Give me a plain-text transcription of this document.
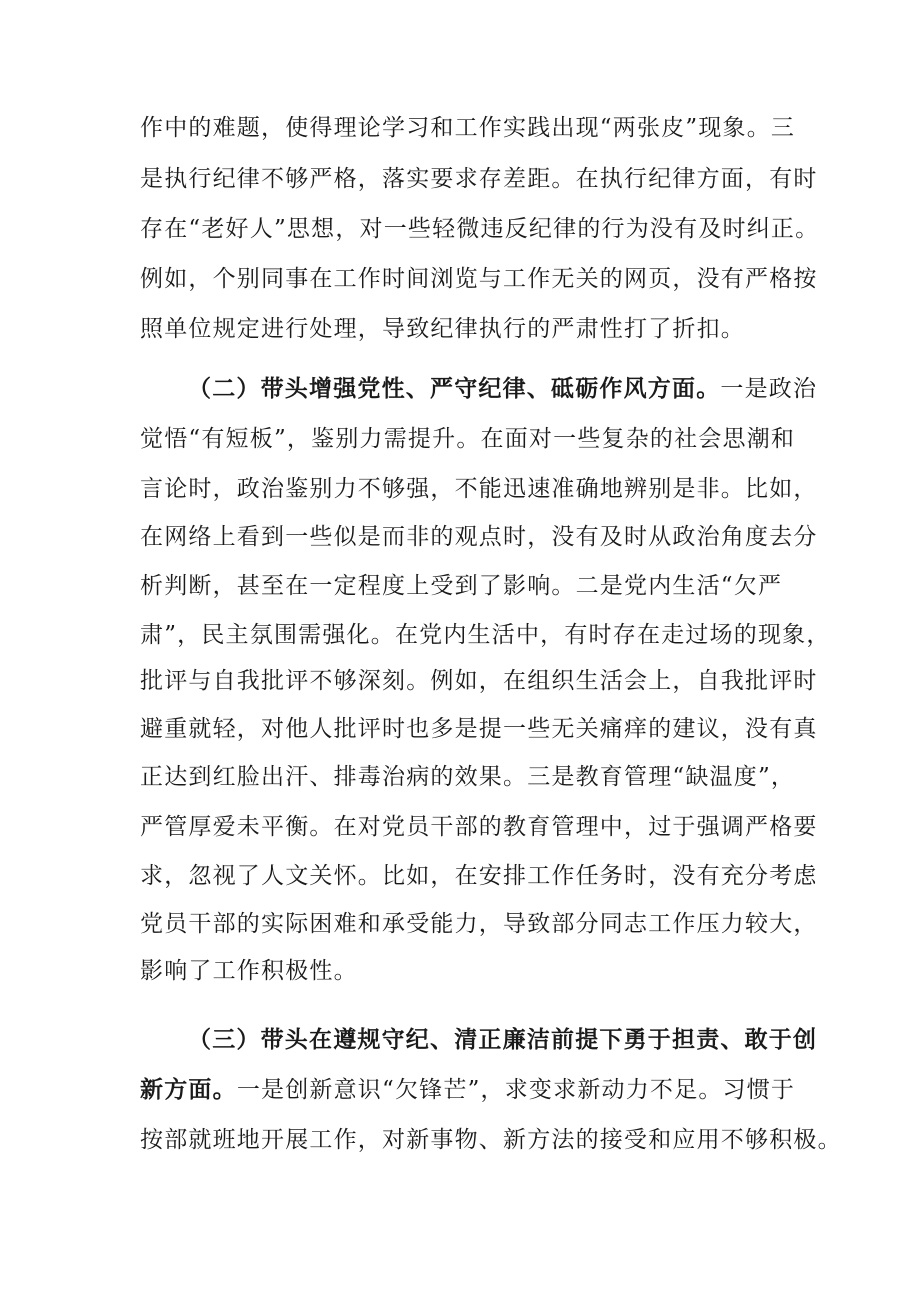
作中的难题，使得理论学习和工作实践出现“两张皮”现象。三
是执行纪律不够严格，落实要求存差距。在执行纪律方面，有时
存在“老好人”思想，对一些轻微违反纪律的行为没有及时纠正。
例如，个别同事在工作时间浏览与工作无关的网页，没有严格按
照单位规定进行处理，导致纪律执行的严肃性打了折扣。
（二）带头增强党性、严守纪律、砥砺作风方面。一是政治
觉悟“有短板”，鉴别力需提升。在面对一些复杂的社会思潮和
言论时，政治鉴别力不够强，不能迅速准确地辨别是非。比如，
在网络上看到一些似是而非的观点时，没有及时从政治角度去分
析判断，甚至在一定程度上受到了影响。二是党内生活“欠严
肃”，民主氛围需强化。在党内生活中，有时存在走过场的现象，
批评与自我批评不够深刻。例如，在组织生活会上，自我批评时
避重就轻，对他人批评时也多是提一些无关痛痒的建议，没有真
正达到红脸出汗、排毒治病的效果。三是教育管理“缺温度”，
严管厚爱未平衡。在对党员干部的教育管理中，过于强调严格要
求，忽视了人文关怀。比如，在安排工作任务时，没有充分考虑
党员干部的实际困难和承受能力，导致部分同志工作压力较大，
影响了工作积极性。
（三）带头在遵规守纪、清正廉洁前提下勇于担责、敢于创
新方面。一是创新意识“欠锋芒”，求变求新动力不足。习惯于
按部就班地开展工作，对新事物、新方法的接受和应用不够积极。
